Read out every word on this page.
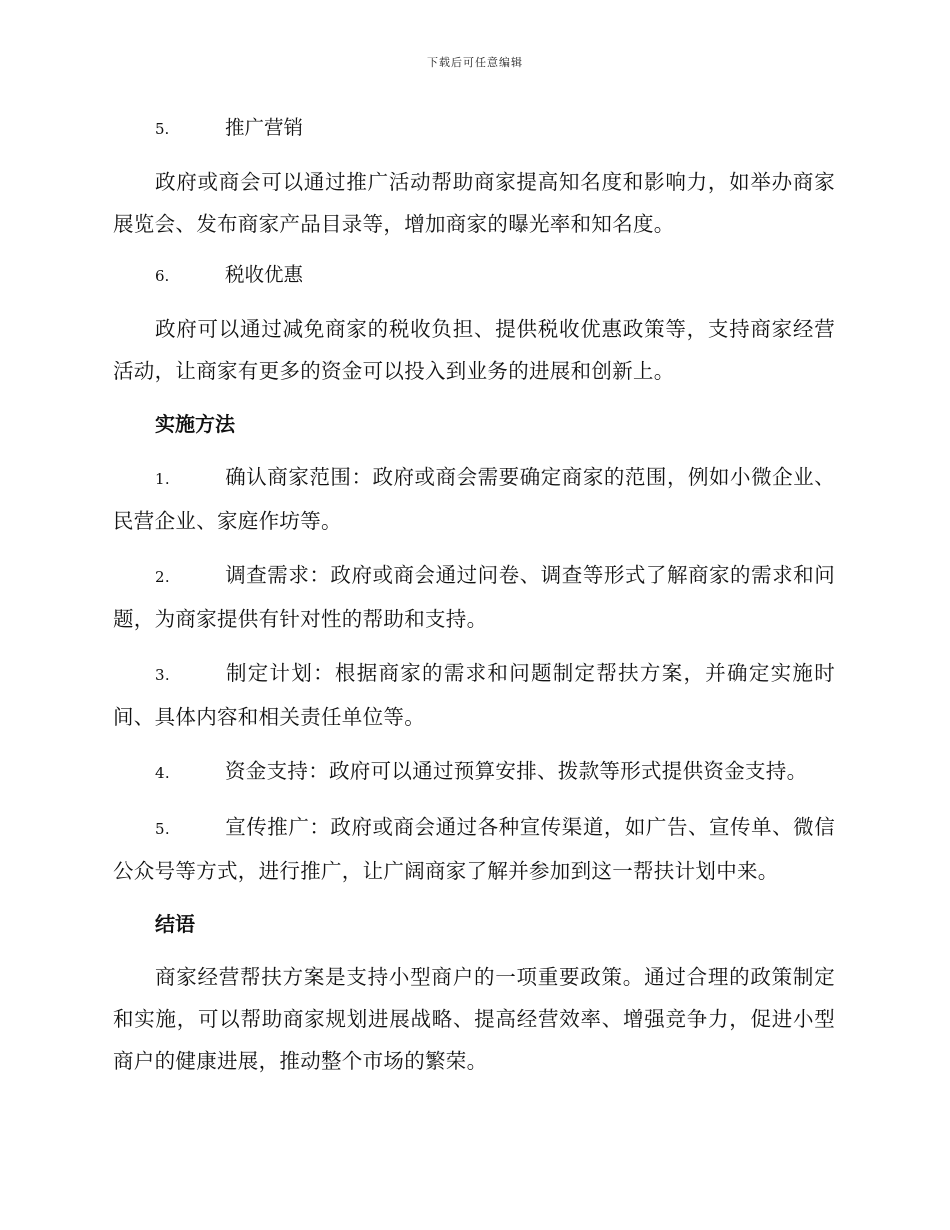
下载后可任意编辑
5.	推广营销

政府或商会可以通过推广活动帮助商家提高知名度和影响力，如举办商家展览会、发布商家产品目录等，增加商家的曝光率和知名度。

6.	税收优惠

政府可以通过减免商家的税收负担、提供税收优惠政策等，支持商家经营活动，让商家有更多的资金可以投入到业务的进展和创新上。

实施方法

1.	确认商家范围：政府或商会需要确定商家的范围，例如小微企业、民营企业、家庭作坊等。

2.	调查需求：政府或商会通过问卷、调查等形式了解商家的需求和问题，为商家提供有针对性的帮助和支持。

3.	制定计划：根据商家的需求和问题制定帮扶方案，并确定实施时间、具体内容和相关责任单位等。

4.	资金支持：政府可以通过预算安排、拨款等形式提供资金支持。

5.	宣传推广：政府或商会通过各种宣传渠道，如广告、宣传单、微信公众号等方式，进行推广，让广阔商家了解并参加到这一帮扶计划中来。

结语

商家经营帮扶方案是支持小型商户的一项重要政策。通过合理的政策制定和实施，可以帮助商家规划进展战略、提高经营效率、增强竞争力，促进小型商户的健康进展，推动整个市场的繁荣。
